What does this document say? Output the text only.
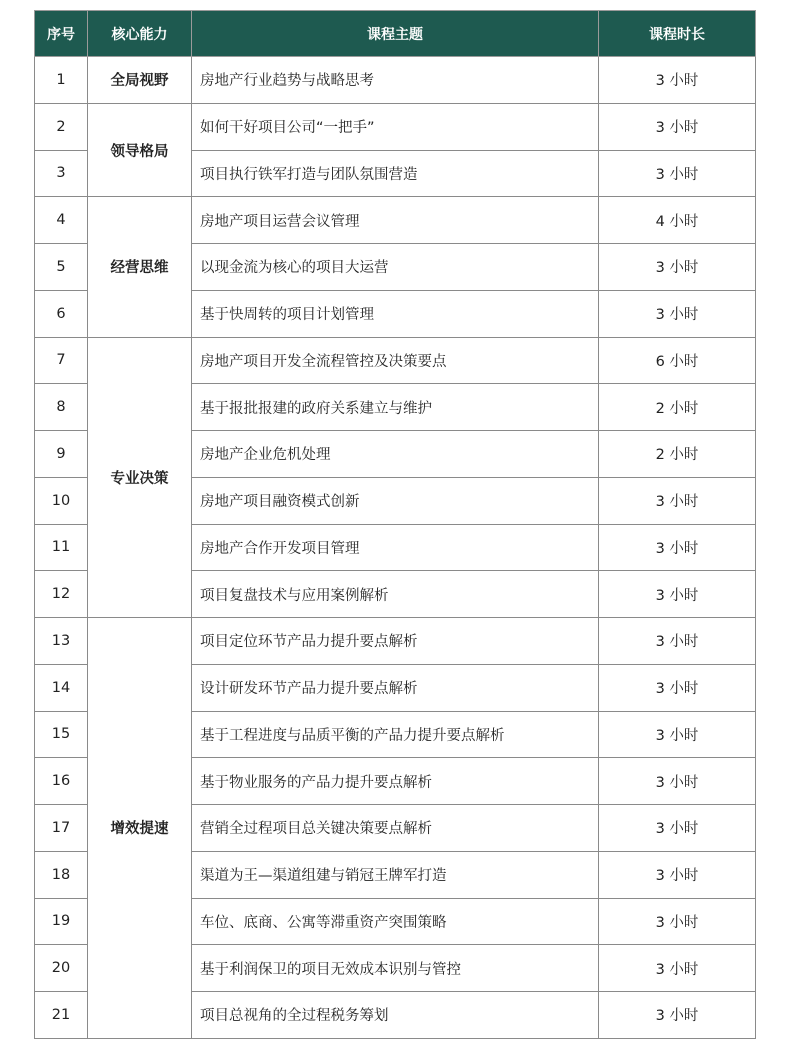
序号	核心能力	课程主题	课程时长
1	全局视野	房地产行业趋势与战略思考	3 小时
2	领导格局	如何干好项目公司“一把手”	3 小时
3		项目执行铁军打造与团队氛围营造	3 小时
4	经营思维	房地产项目运营会议管理	4 小时
5		以现金流为核心的项目大运营	3 小时
6		基于快周转的项目计划管理	3 小时
7	专业决策	房地产项目开发全流程管控及决策要点	6 小时
8		基于报批报建的政府关系建立与维护	2 小时
9		房地产企业危机处理	2 小时
10		房地产项目融资模式创新	3 小时
11		房地产合作开发项目管理	3 小时
12		项目复盘技术与应用案例解析	3 小时
13	增效提速	项目定位环节产品力提升要点解析	3 小时
14		设计研发环节产品力提升要点解析	3 小时
15		基于工程进度与品质平衡的产品力提升要点解析	3 小时
16		基于物业服务的产品力提升要点解析	3 小时
17		营销全过程项目总关键决策要点解析	3 小时
18		渠道为王—渠道组建与销冠王牌军打造	3 小时
19		车位、底商、公寓等滞重资产突围策略	3 小时
20		基于利润保卫的项目无效成本识别与管控	3 小时
21		项目总视角的全过程税务筹划	3 小时
